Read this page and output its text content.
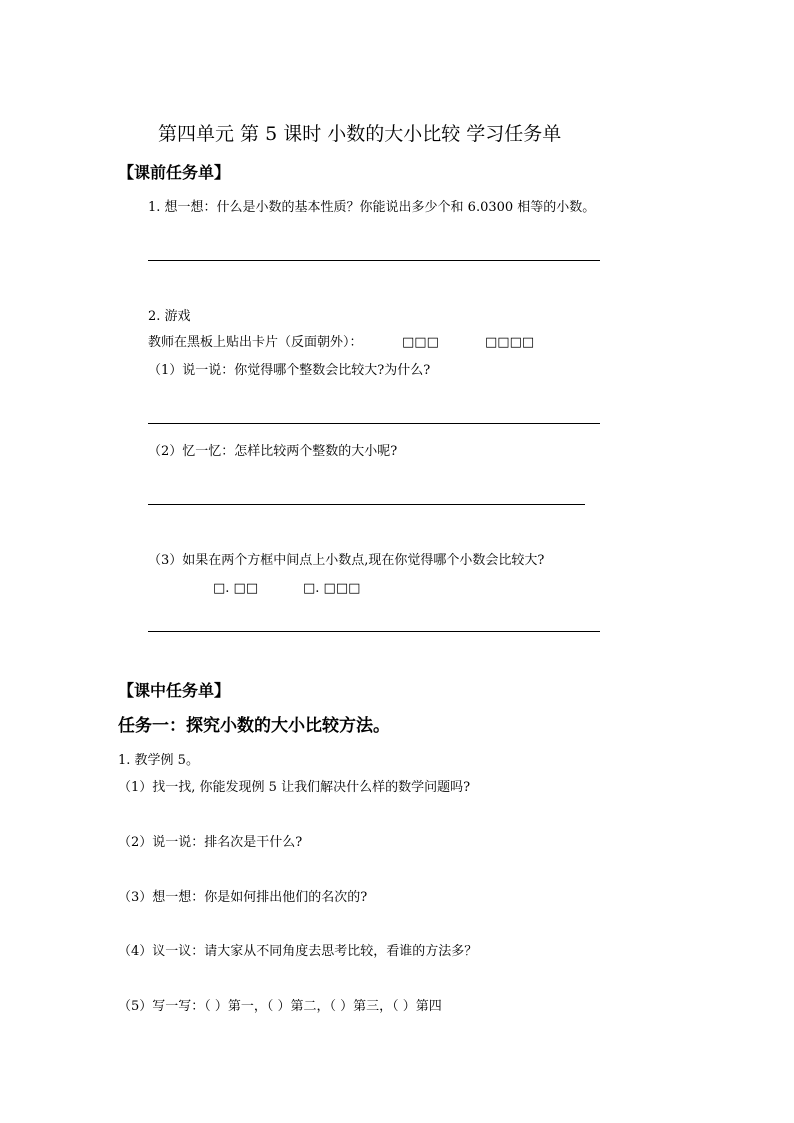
第四单元 第 5 课时 小数的大小比较 学习任务单
【课前任务单】
1. 想一想：什么是小数的基本性质？你能说出多少个和 6.0300 相等的小数。
2. 游戏
教师在黑板上贴出卡片（反面朝外）：	□□□	□□□□
（1）说一说：你觉得哪个整数会比较大?为什么?
（2）忆一忆：怎样比较两个整数的大小呢?
（3）如果在两个方框中间点上小数点,现在你觉得哪个小数会比较大?
□. □□	□. □□□
【课中任务单】
任务一：探究小数的大小比较方法。
1. 教学例 5。
（1）找一找, 你能发现例 5 让我们解决什么样的数学问题吗?
（2）说一说：排名次是干什么?
（3）想一想：你是如何排出他们的名次的?
（4）议一议：请大家从不同角度去思考比较，看谁的方法多？
（5）写一写：（ ）第一，（ ）第二，（ ）第三，（ ）第四
